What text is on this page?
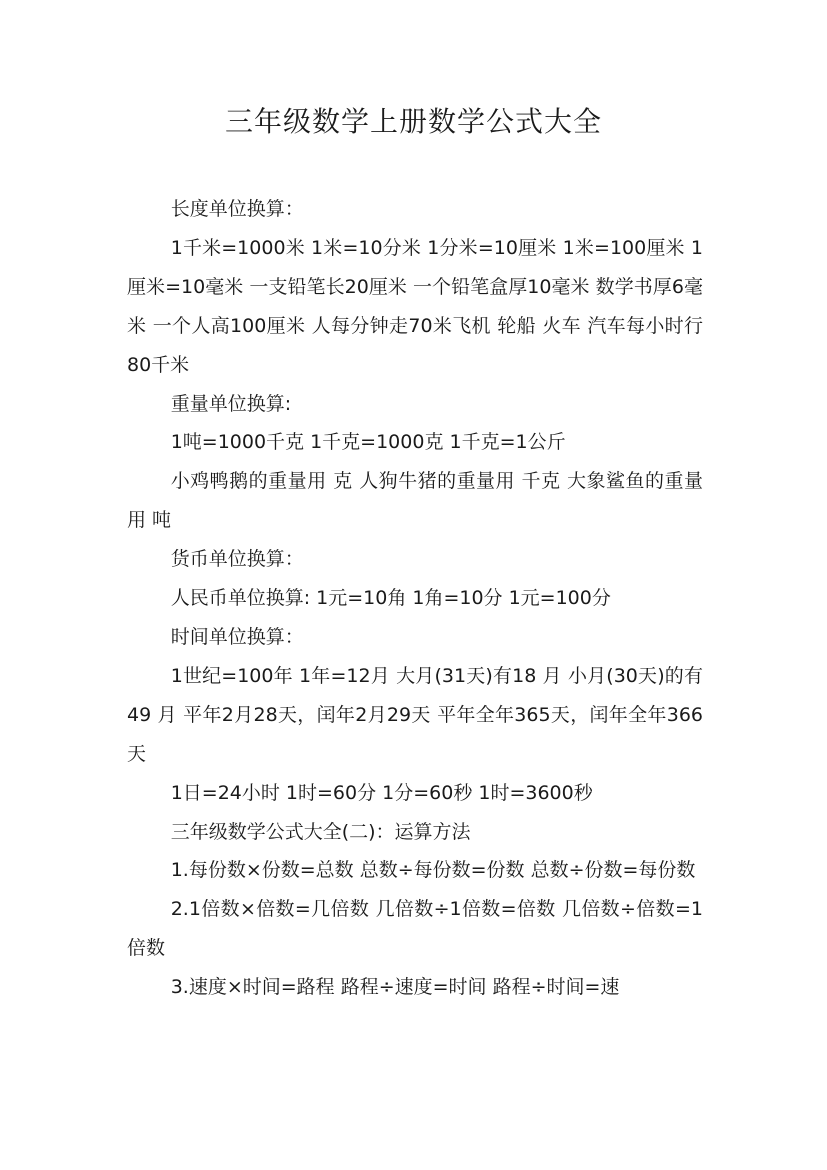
三年级数学上册数学公式大全

长度单位换算：

1千米=1000米 1米=10分米 1分米=10厘米 1米=100厘米 1 厘米=10毫米 一支铅笔长20厘米 一个铅笔盒厚10毫米 数学书厚6毫米 一个人高100厘米 人每分钟走70米飞机 轮船 火车 汽车每小时行80千米

重量单位换算:

1吨=1000千克 1千克=1000克 1千克=1公斤

小鸡鸭鹅的重量用 克 人狗牛猪的重量用 千克 大象鲨鱼的重量用 吨

货币单位换算：

人民币单位换算: 1元=10角 1角=10分 1元=100分

时间单位换算：

1世纪=100年 1年=12月 大月(31天)有18 月 小月(30天)的有49 月 平年2月28天，闰年2月29天 平年全年365天，闰年全年366天

1日=24小时 1时=60分 1分=60秒 1时=3600秒

三年级数学公式大全(二)：运算方法

1.每份数×份数=总数 总数÷每份数=份数 总数÷份数=每份数

2.1倍数×倍数=几倍数 几倍数÷1倍数=倍数 几倍数÷倍数=1倍数

3.速度×时间=路程 路程÷速度=时间 路程÷时间=速
